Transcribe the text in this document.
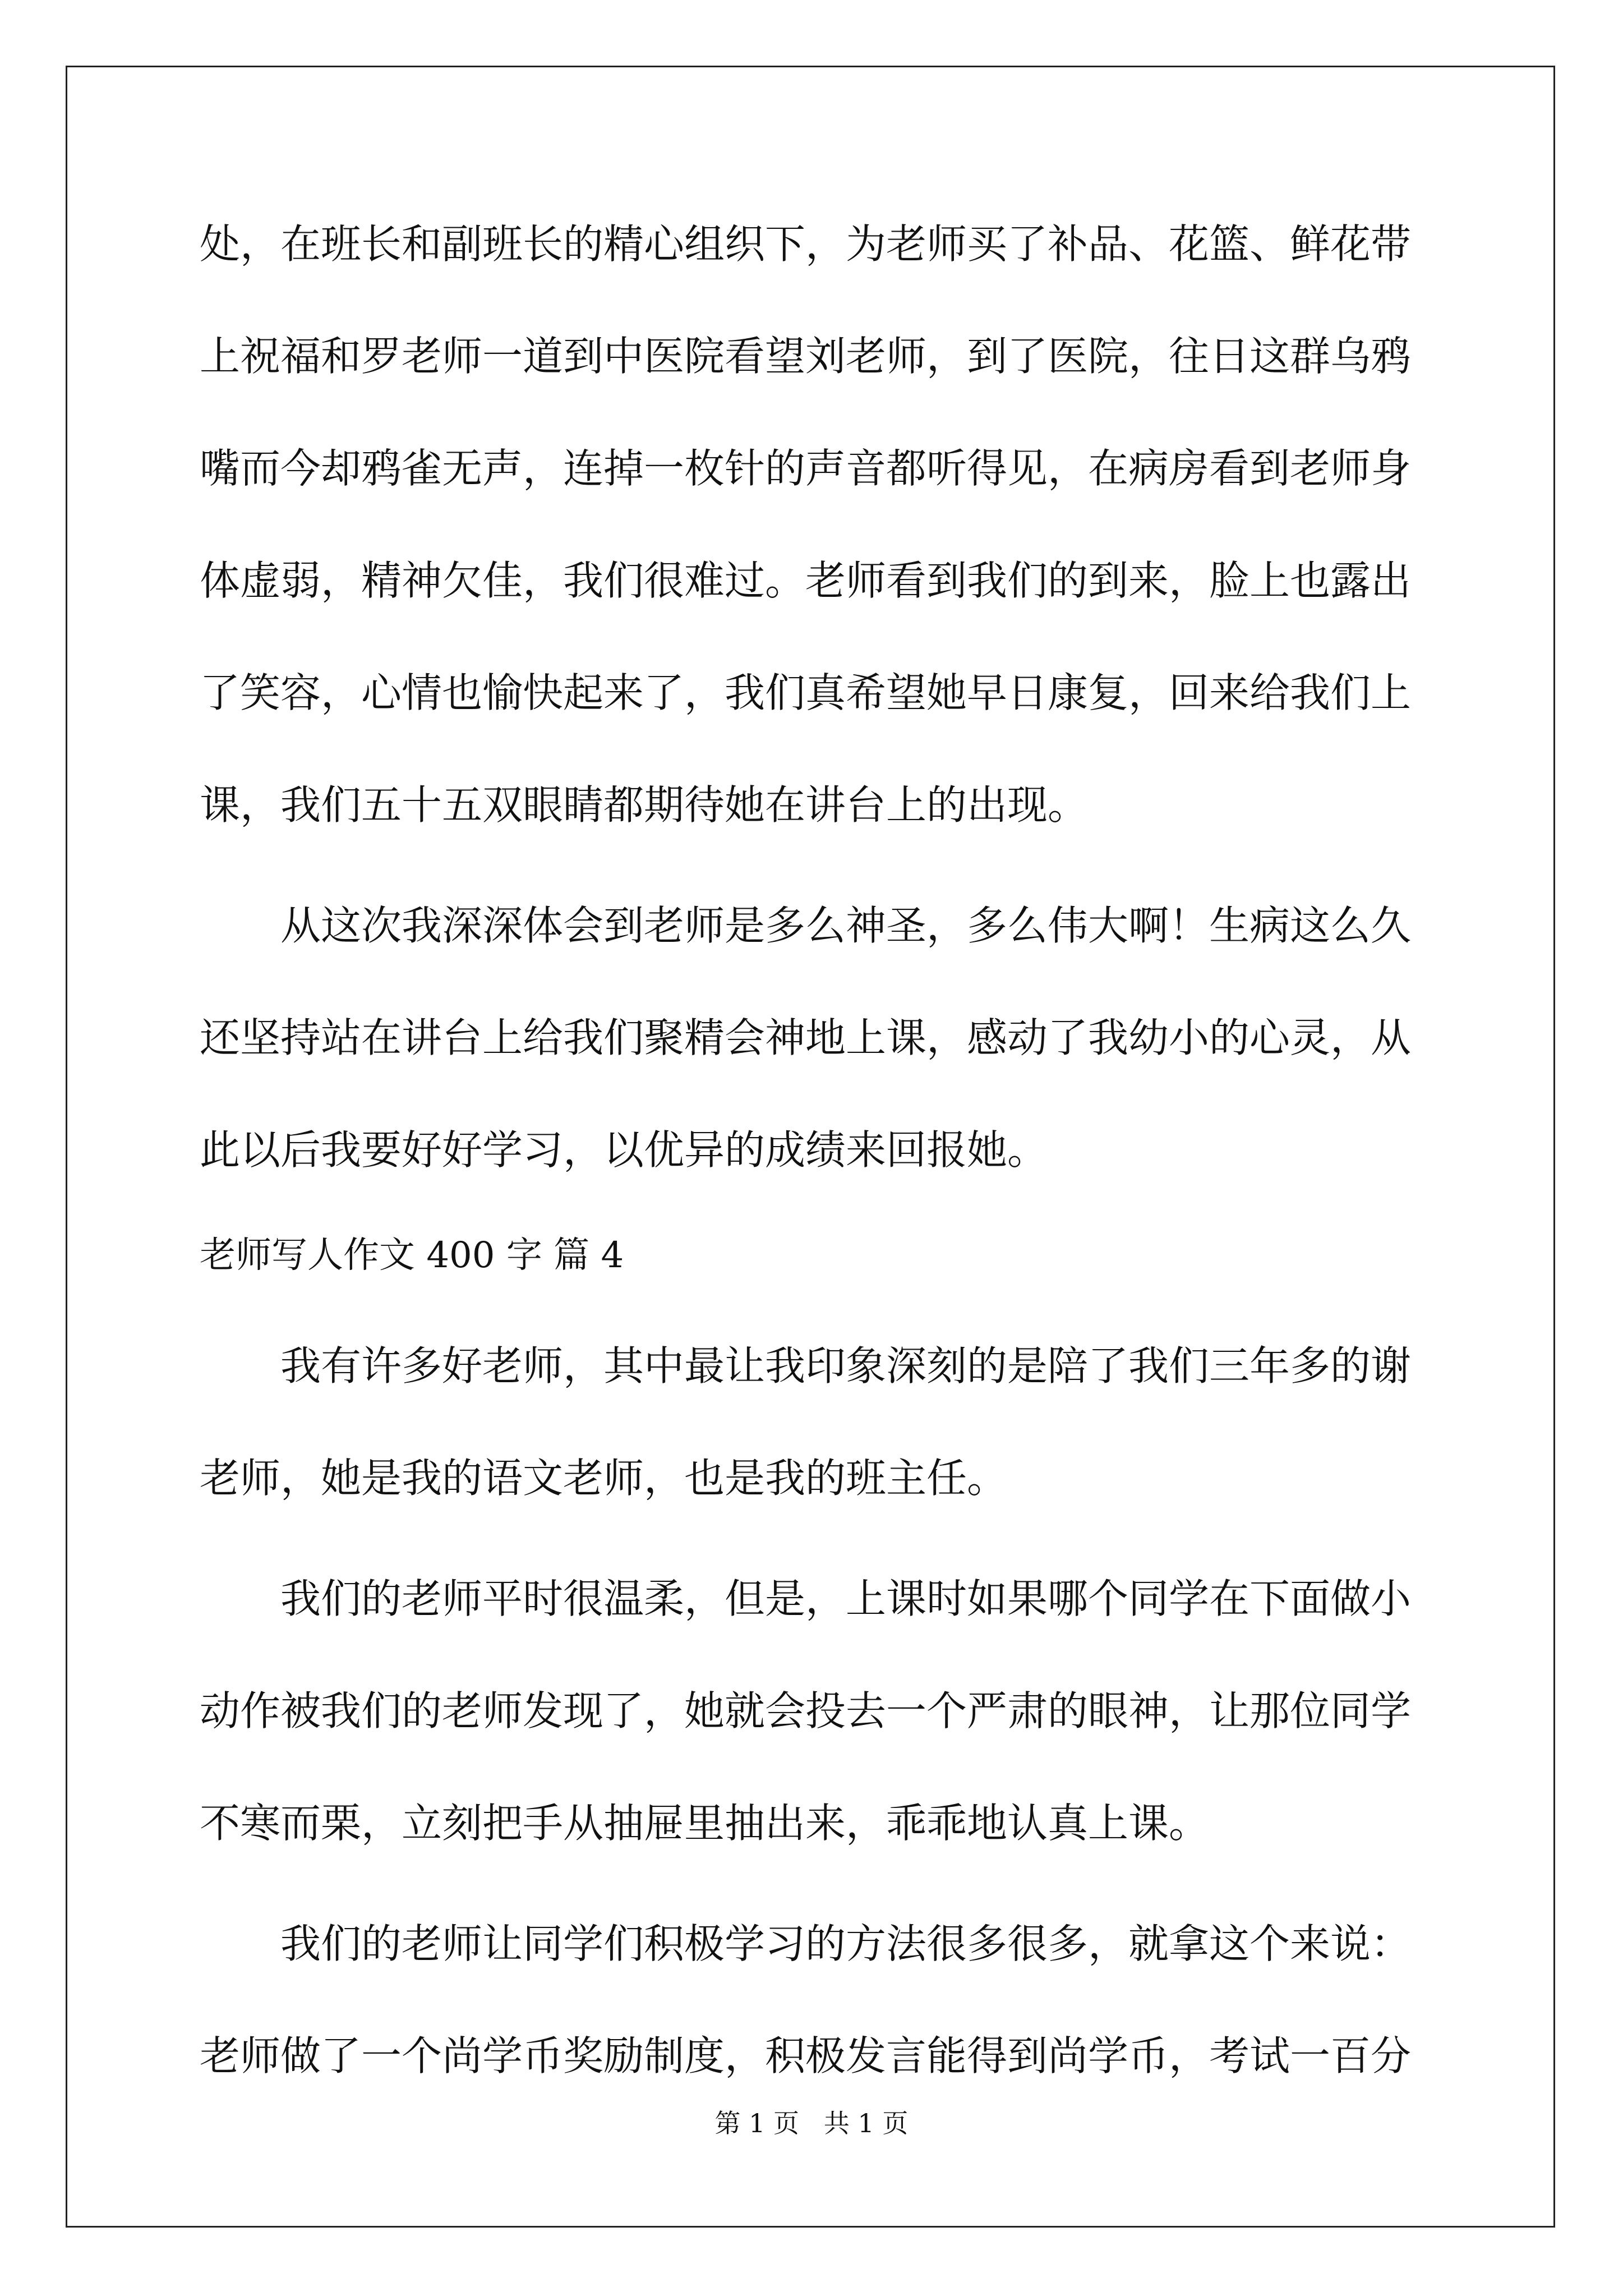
处，在班长和副班长的精心组织下，为老师买了补品、花篮、鲜花带
上祝福和罗老师一道到中医院看望刘老师，到了医院，往日这群乌鸦
嘴而今却鸦雀无声，连掉一枚针的声音都听得见，在病房看到老师身
体虚弱，精神欠佳，我们很难过。老师看到我们的到来，脸上也露出
了笑容，心情也愉快起来了，我们真希望她早日康复，回来给我们上
课，我们五十五双眼睛都期待她在讲台上的出现。
从这次我深深体会到老师是多么神圣，多么伟大啊！生病这么久
还坚持站在讲台上给我们聚精会神地上课，感动了我幼小的心灵，从
此以后我要好好学习，以优异的成绩来回报她。
老师写人作文 400 字 篇 4
我有许多好老师，其中最让我印象深刻的是陪了我们三年多的谢
老师，她是我的语文老师，也是我的班主任。
我们的老师平时很温柔，但是，上课时如果哪个同学在下面做小
动作被我们的老师发现了，她就会投去一个严肃的眼神，让那位同学
不寒而栗，立刻把手从抽屉里抽出来，乖乖地认真上课。
我们的老师让同学们积极学习的方法很多很多，就拿这个来说：
老师做了一个尚学币奖励制度，积极发言能得到尚学币，考试一百分
第 1 页   共 1 页
